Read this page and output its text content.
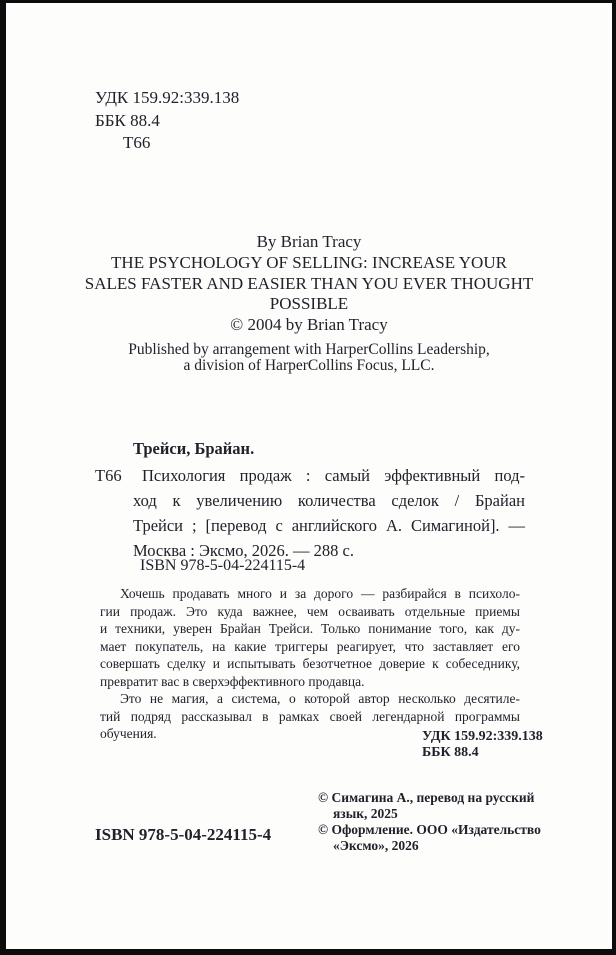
УДК 159.92:339.138
ББК 88.4
Т66
By Brian Tracy
THE PSYCHOLOGY OF SELLING: INCREASE YOUR
SALES FASTER AND EASIER THAN YOU EVER THOUGHT
POSSIBLE
© 2004 by Brian Tracy
Published by arrangement with HarperCollins Leadership,
a division of HarperCollins Focus, LLC.
Трейси, Брайан.
Т66	Психология продаж : самый эффективный под-
ход к увеличению количества сделок / Брайан
Трейси ; [перевод с английского А. Симагиной]. —
Москва : Эксмо, 2026. — 288 с.
ISBN 978-5-04-224115-4
Хочешь продавать много и за дорого — разбирайся в психоло-
гии продаж. Это куда важнее, чем осваивать отдельные приемы
и техники, уверен Брайан Трейси. Только понимание того, как ду-
мает покупатель, на какие триггеры реагирует, что заставляет его
совершать сделку и испытывать безотчетное доверие к собеседнику,
превратит вас в сверхэффективного продавца.
Это не магия, а система, о которой автор несколько десятиле-
тий подряд рассказывал в рамках своей легендарной программы
обучения.	УДК 159.92:339.138
ББК 88.4
© Симагина А., перевод на русский
язык, 2025
© Оформление. ООО «Издательство
«Эксмо», 2026
ISBN 978-5-04-224115-4
